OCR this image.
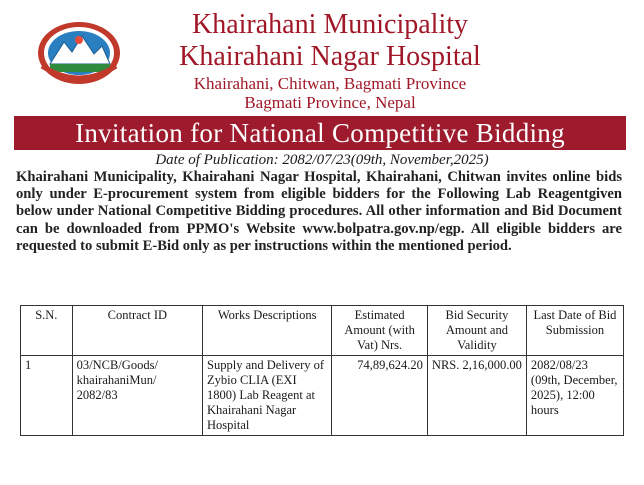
Khairahani Municipality
Khairahani Nagar Hospital
Khairahani, Chitwan, Bagmati Province
Bagmati Province, Nepal
Invitation for National Competitive Bidding
Date of Publication: 2082/07/23(09th, November,2025)
Khairahani Municipality, Khairahani Nagar Hospital, Khairahani, Chitwan invites online bids only under E-procurement system from eligible bidders for the Following Lab Reagentgiven below under National Competitive Bidding procedures. All other information and Bid Document can be downloaded from PPMO's Website www.bolpatra.gov.np/egp. All eligible bidders are requested to submit E-Bid only as per instructions within the mentioned period.
S.N.	Contract ID	Works Descriptions	Estimated Amount (with Vat) Nrs.	Bid Security Amount and Validity	Last Date of Bid Submission
1	03/NCB/Goods/ khairahaniMun/ 2082/83	Supply and Delivery of Zybio CLIA (EXI 1800) Lab Reagent at Khairahani Nagar Hospital	74,89,624.20	NRS. 2,16,000.00	2082/08/23 (09th, December, 2025), 12:00 hours
